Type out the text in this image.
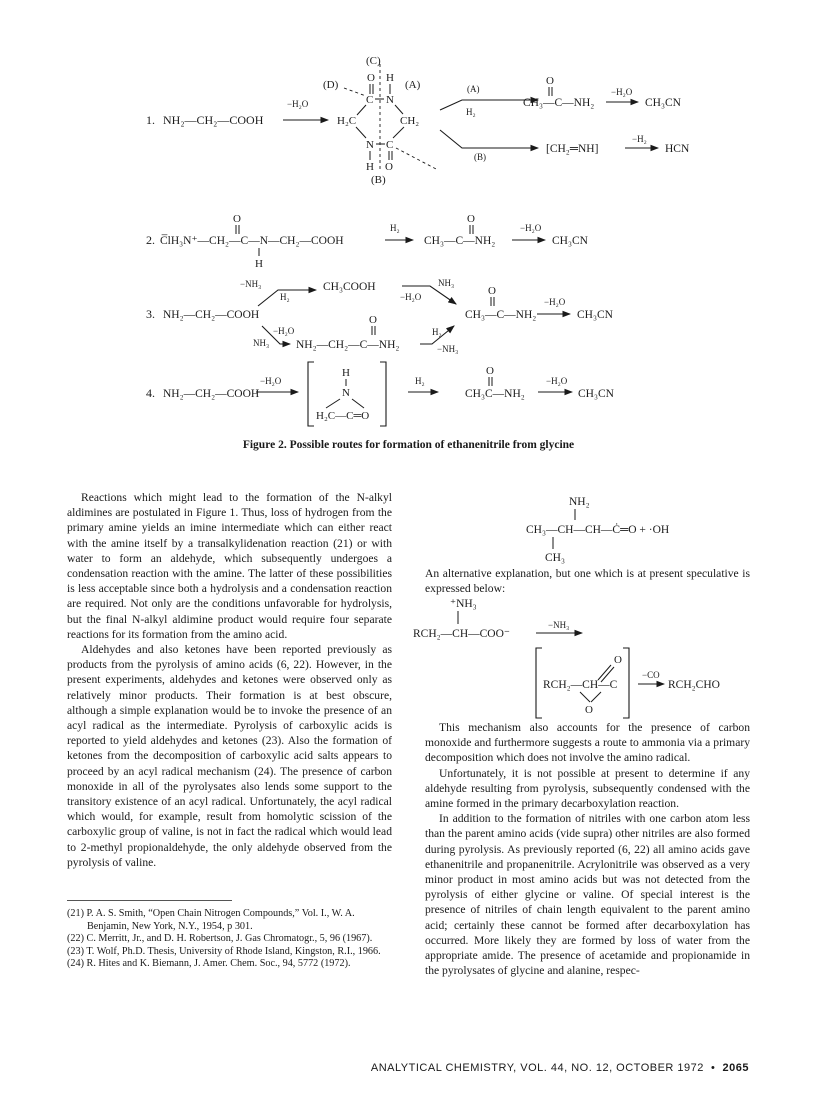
1. NH₂—CH₂—COOH
−H₂O
(C)
(D)	(A)
(B)
O H
C N
H₂C	CH₂
N C
H O
(A)
H₂
(B)
O
CH₃—C—NH₂
−H₂O
CH₃CN
[CH₂═NH]
−H₂
HCN
2.
O
C̅lH₃N⁺—CH₂—C—N—CH₂—COOH
H
H₂
O
CH₃—C—NH₂
−H₂O
CH₃CN
3. NH₂—CH₂—COOH
−NH₃
H₂
CH₃COOH	NH₃
−H₂O
−H₂O
NH₃
O
NH₂—CH₂—C—NH₂
H₂
−NH₃
O
CH₃—C—NH₂
−H₂O
CH₃CN
4. NH₂—CH₂—COOH
−H₂O
H
N
H₂C—C═O
H₂
O
CH₃C—NH₂
−H₂O
CH₃CN
Figure 2. Possible routes for formation of ethanenitrile from glycine

Reactions which might lead to the formation of the N-alkyl aldimines are postulated in Figure 1. Thus, loss of hydrogen from the primary amine yields an imine intermediate which can either react with the amine itself by a transalkylidenation reaction (21) or with water to form an aldehyde, which subsequently undergoes a condensation reaction with the amine. The latter of these possibilities is less acceptable since both a hydrolysis and a condensation reaction are required. Not only are the conditions unfavorable for hydrolysis, but the final N-alkyl aldimine product would require four separate reactions for its formation from the amino acid.

Aldehydes and also ketones have been reported previously as products from the pyrolysis of amino acids (6, 22). However, in the present experiments, aldehydes and ketones were observed only as relatively minor products. Their formation is at best obscure, although a simple explanation would be to invoke the presence of an acyl radical as the intermediate. Pyrolysis of carboxylic acids is reported to yield aldehydes and ketones (23). Also the formation of ketones from the decomposition of carboxylic acid salts appears to proceed by an acyl radical mechanism (24). The presence of carbon monoxide in all of the pyrolysates also lends some support to the transitory existence of an acyl radical. Unfortunately, the acyl radical which would, for example, result from homolytic scission of the carboxylic group of valine, is not in fact the radical which would lead to 2-methyl propionaldehyde, the only aldehyde observed from the pyrolysis of valine.

(21) P. A. S. Smith, “Open Chain Nitrogen Compounds,” Vol. I., W. A. Benjamin, New York, N.Y., 1954, p 301.
(22) C. Merritt, Jr., and D. H. Robertson, J. Gas Chromatogr., 5, 96 (1967).
(23) T. Wolf, Ph.D. Thesis, University of Rhode Island, Kingston, R.I., 1966.
(24) R. Hites and K. Biemann, J. Amer. Chem. Soc., 94, 5772 (1972).
NH₂
CH₃—CH—CH—Ċ═O + ·OH
CH₃
⁺NH₃
RCH₂—CH—COO⁻
−NH₃
O
RCH₂—CH—C
O
−CO
RCH₂CHO

An alternative explanation, but one which is at present speculative is expressed below:

This mechanism also accounts for the presence of carbon monoxide and furthermore suggests a route to ammonia via a primary decomposition which does not involve the amino radical.

Unfortunately, it is not possible at present to determine if any aldehyde resulting from pyrolysis, subsequently condensed with the amine formed in the primary decarboxylation reaction.

In addition to the formation of nitriles with one carbon atom less than the parent amino acids (vide supra) other nitriles are also formed during pyrolysis. As previously reported (6, 22) all amino acids gave ethanenitrile and propanenitrile. Acrylonitrile was observed as a very minor product in most amino acids but was not detected from the pyrolysis of either glycine or valine. Of special interest is the presence of nitriles of chain length equivalent to the parent amino acid; certainly these cannot be formed after decarboxylation has occurred. More likely they are formed by loss of water from the appropriate amide. The presence of acetamide and propionamide in the pyrolysates of glycine and alanine, respec-

ANALYTICAL CHEMISTRY, VOL. 44, NO. 12, OCTOBER 1972 • 2065
